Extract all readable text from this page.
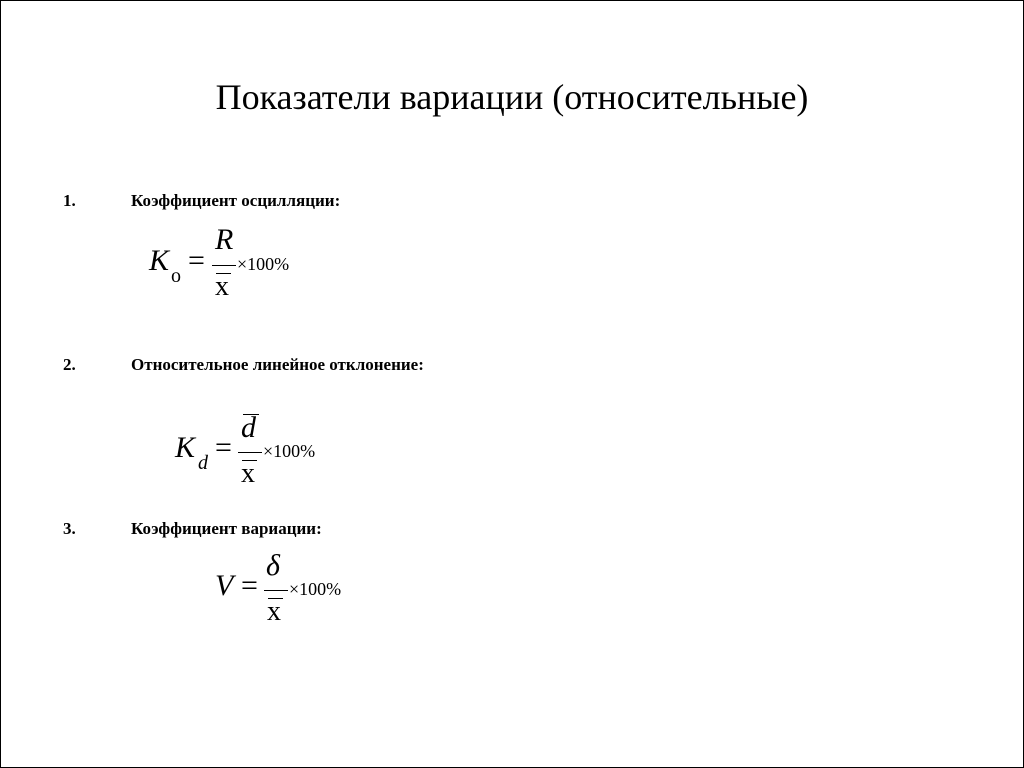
Показатели вариации (относительные)
1.	Коэффициент осцилляции:
K о =
R
x
×100%
2.	Относительное линейное отклонение:
K d =
d
x
×100%
3.	Коэффициент вариации:
V =
δ
x
×100%
